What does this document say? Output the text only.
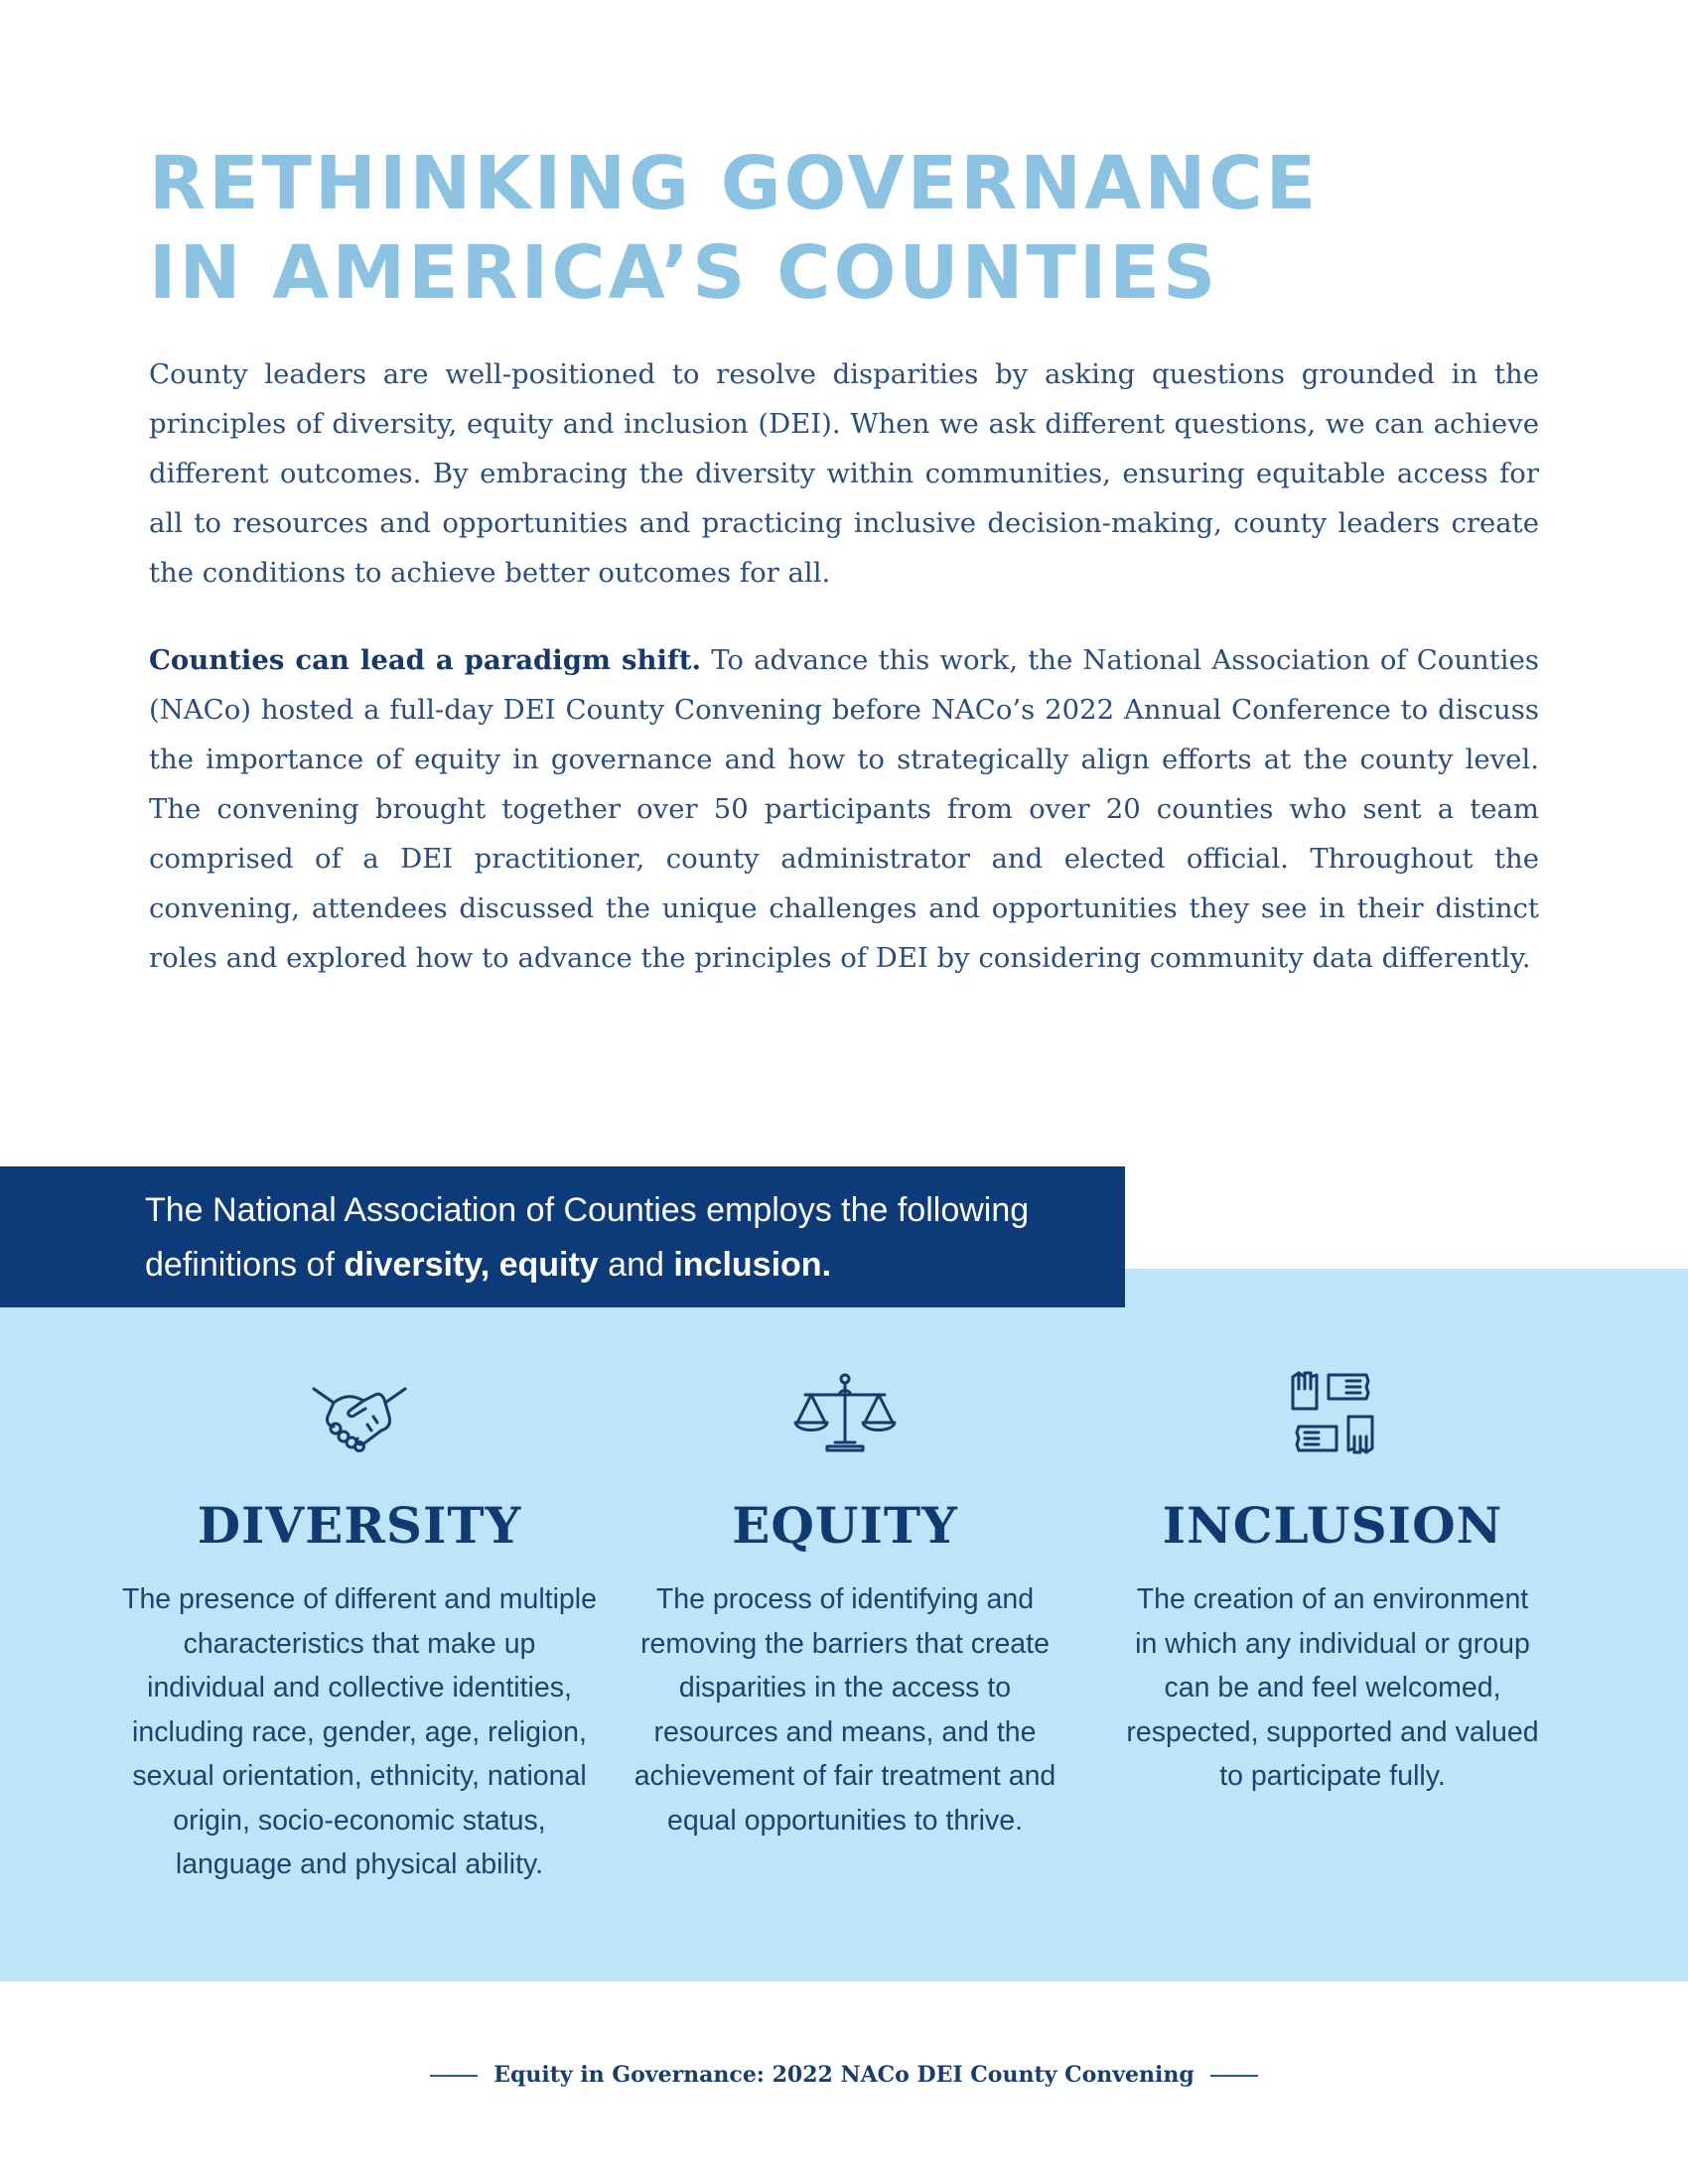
RETHINKING GOVERNANCE
IN AMERICA’S COUNTIES

County leaders are well-positioned to resolve disparities by asking questions grounded in the principles of diversity, equity and inclusion (DEI). When we ask different questions, we can achieve different outcomes. By embracing the diversity within communities, ensuring equitable access for all to resources and opportunities and practicing inclusive decision-making, county leaders create the conditions to achieve better outcomes for all.

Counties can lead a paradigm shift. To advance this work, the National Association of Counties (NACo) hosted a full-day DEI County Convening before NACo’s 2022 Annual Conference to discuss the importance of equity in governance and how to strategically align efforts at the county level. The convening brought together over 50 participants from over 20 counties who sent a team comprised of a DEI practitioner, county administrator and elected official. Throughout the convening, attendees discussed the unique challenges and opportunities they see in their distinct roles and explored how to advance the principles of DEI by considering community data differently.

The National Association of Counties employs the following
definitions of diversity, equity and inclusion.
DIVERSITY

The presence of different and multiple characteristics that make up individual and collective identities, including race, gender, age, religion, sexual orientation, ethnicity, national origin, socio-economic status, language and physical ability.

EQUITY

The process of identifying and removing the barriers that create disparities in the access to resources and means, and the achievement of fair treatment and equal opportunities to thrive.

INCLUSION

The creation of an environment in which any individual or group can be and feel welcomed, respected, supported and valued to participate fully.

Equity in Governance: 2022 NACo DEI County Convening
